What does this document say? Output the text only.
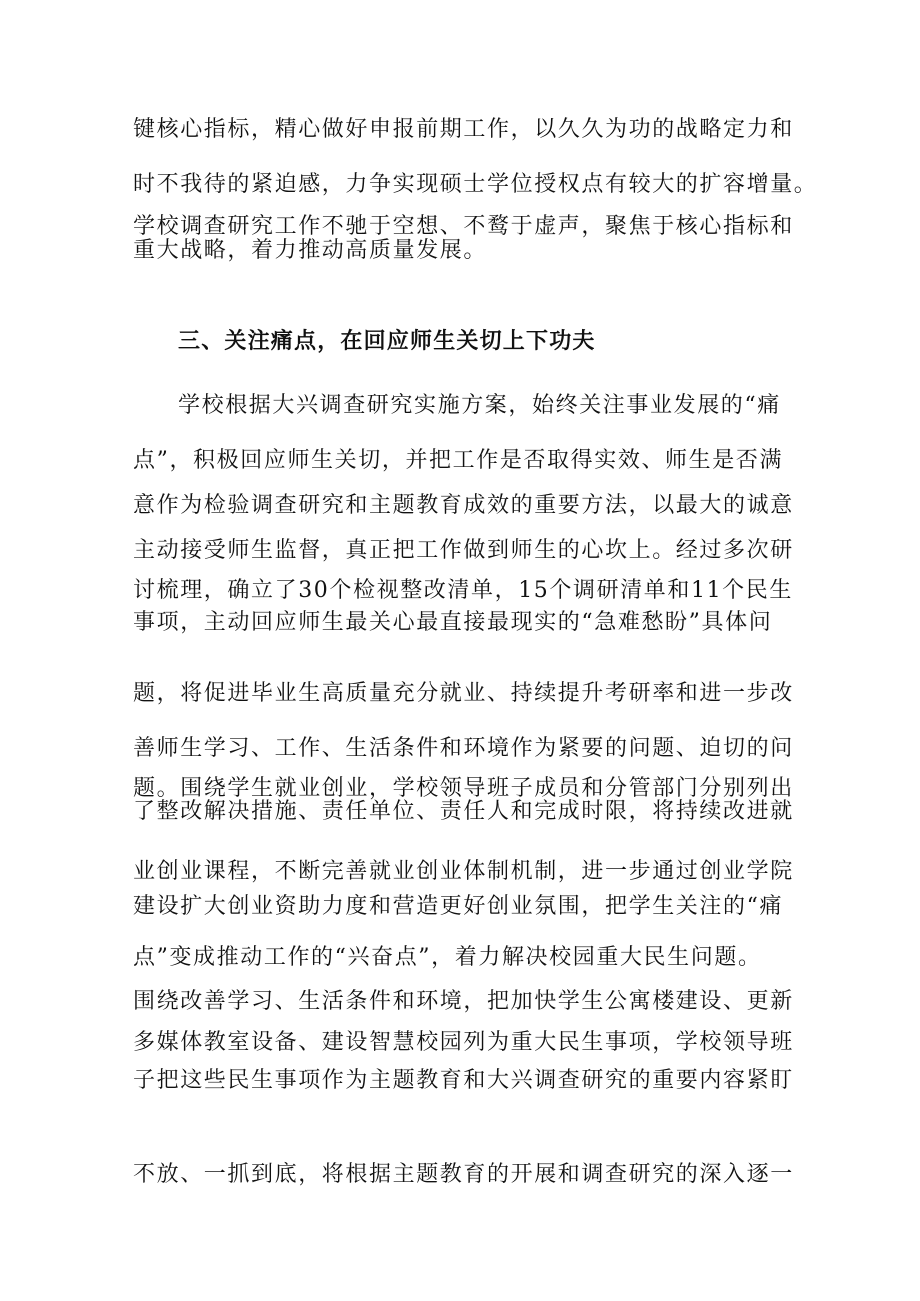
键核心指标，精心做好申报前期工作，以久久为功的战略定力和

时不我待的紧迫感，力争实现硕士学位授权点有较大的扩容增量。

学校调查研究工作不驰于空想、不鹜于虚声，聚焦于核心指标和

重大战略，着力推动高质量发展。

三、关注痛点，在回应师生关切上下功夫

学校根据大兴调查研究实施方案，始终关注事业发展的“痛

点”，积极回应师生关切，并把工作是否取得实效、师生是否满

意作为检验调查研究和主题教育成效的重要方法，以最大的诚意

主动接受师生监督，真正把工作做到师生的心坎上。经过多次研

讨梳理，确立了30个检视整改清单，15个调研清单和11个民生

事项，主动回应师生最关心最直接最现实的“急难愁盼”具体问

题，将促进毕业生高质量充分就业、持续提升考研率和进一步改

善师生学习、工作、生活条件和环境作为紧要的问题、迫切的问

题。围绕学生就业创业，学校领导班子成员和分管部门分别列出

了整改解决措施、责任单位、责任人和完成时限，将持续改进就

业创业课程，不断完善就业创业体制机制，进一步通过创业学院

建设扩大创业资助力度和营造更好创业氛围，把学生关注的“痛

点”变成推动工作的“兴奋点”，着力解决校园重大民生问题。

围绕改善学习、生活条件和环境，把加快学生公寓楼建设、更新

多媒体教室设备、建设智慧校园列为重大民生事项，学校领导班

子把这些民生事项作为主题教育和大兴调查研究的重要内容紧盯

不放、一抓到底，将根据主题教育的开展和调查研究的深入逐一
